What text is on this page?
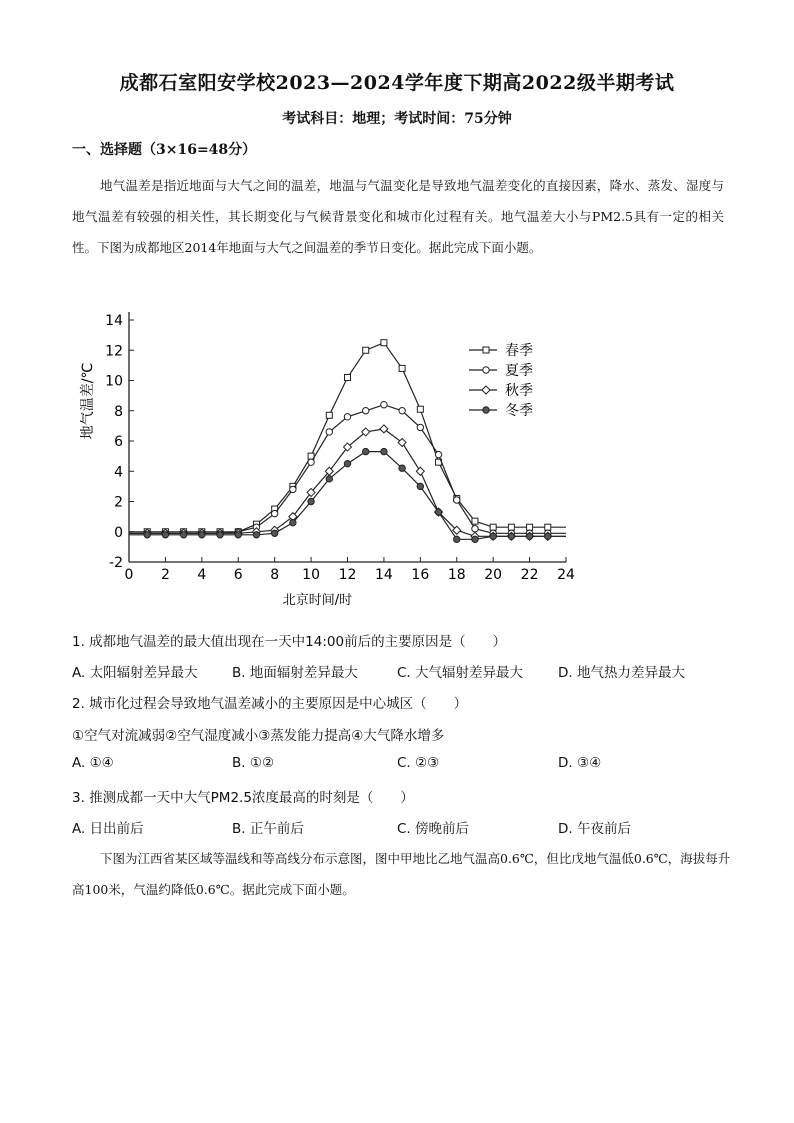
成都石室阳安学校2023—2024学年度下期高2022级半期考试
考试科目：地理；考试时间：75分钟
一、选择题（3×16=48分）
地气温差是指近地面与大气之间的温差，地温与气温变化是导致地气温差变化的直接因素，降水、蒸发、湿度与地气温差有较强的相关性，其长期变化与气候背景变化和城市化过程有关。地气温差大小与PM2.5具有一定的相关性。下图为成都地区2014年地面与大气之间温差的季节日变化。据此完成下面小题。
-2
0
2
4
6
8
10
12
14
0 2 4 6 8 10 12 14 16 18 20 22 24
北京时间/时
地气温差/℃
春季
夏季
秋季
冬季
1. 成都地气温差的最大值出现在一天中14:00前后的主要原因是（　　）
A. 太阳辐射差异最大	B. 地面辐射差异最大	C. 大气辐射差异最大	D. 地气热力差异最大
2. 城市化过程会导致地气温差减小的主要原因是中心城区（　　）
①空气对流减弱②空气湿度减小③蒸发能力提高④大气降水增多
A. ①④	B. ①②	C. ②③	D. ③④
3. 推测成都一天中大气PM2.5浓度最高的时刻是（　　）
A. 日出前后	B. 正午前后	C. 傍晚前后	D. 午夜前后
下图为江西省某区域等温线和等高线分布示意图，图中甲地比乙地气温高0.6℃，但比戊地气温低0.6℃，海拔每升高100米，气温约降低0.6℃。据此完成下面小题。
